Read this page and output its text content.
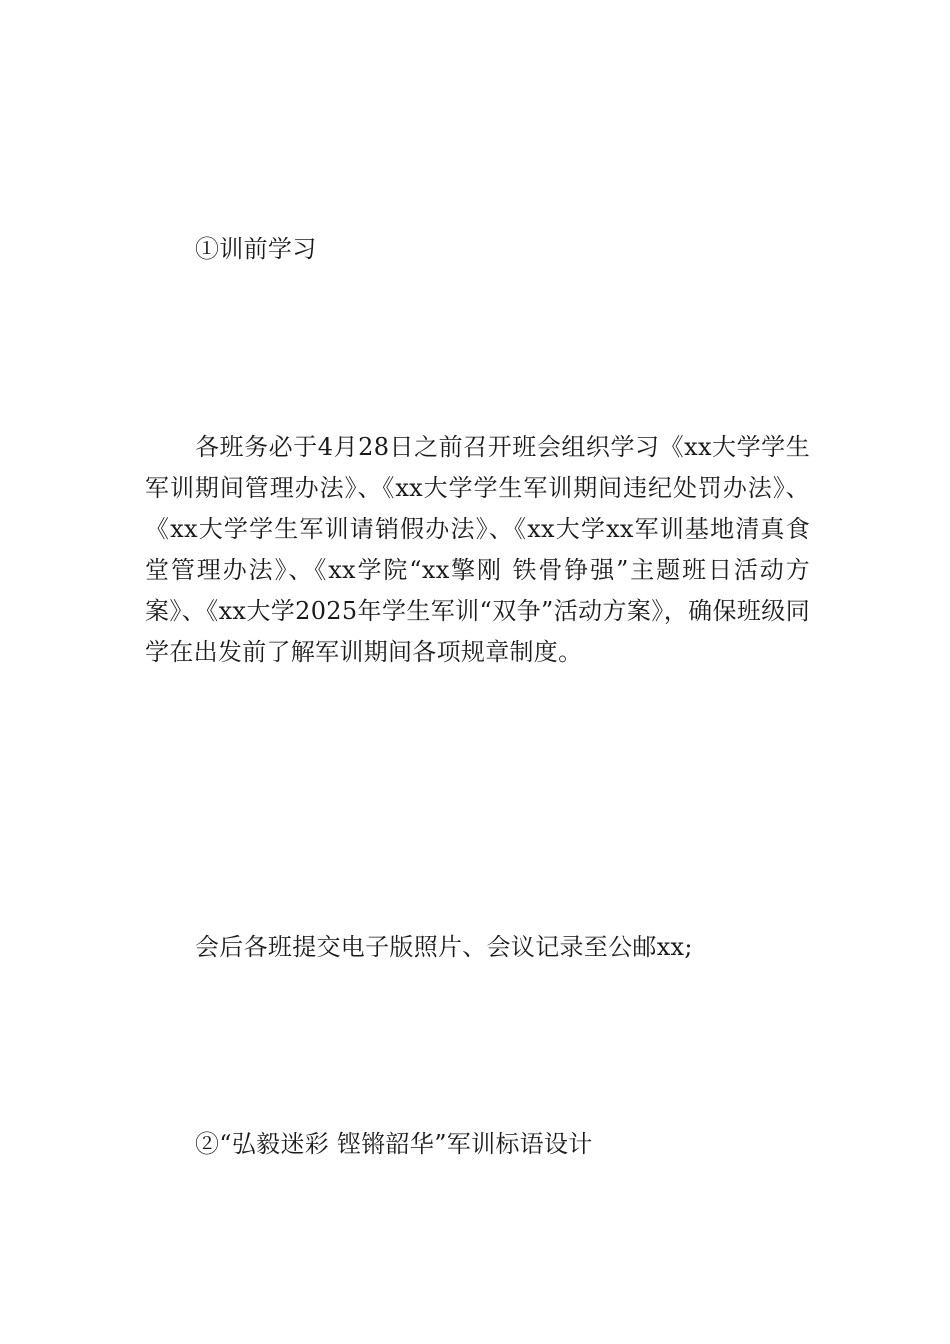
①训前学习

各班务必于4月28日之前召开班会组织学习《xx大学学生军训期间管理办法》、《xx大学学生军训期间违纪处罚办法》、《xx大学学生军训请销假办法》、《xx大学xx军训基地清真食堂管理办法》、《xx学院“xx擎刚 铁骨铮强”主题班日活动方案》、《xx大学2025年学生军训“双争”活动方案》，确保班级同学在出发前了解军训期间各项规章制度。

会后各班提交电子版照片、会议记录至公邮xx;

②“弘毅迷彩 铿锵韶华”军训标语设计
